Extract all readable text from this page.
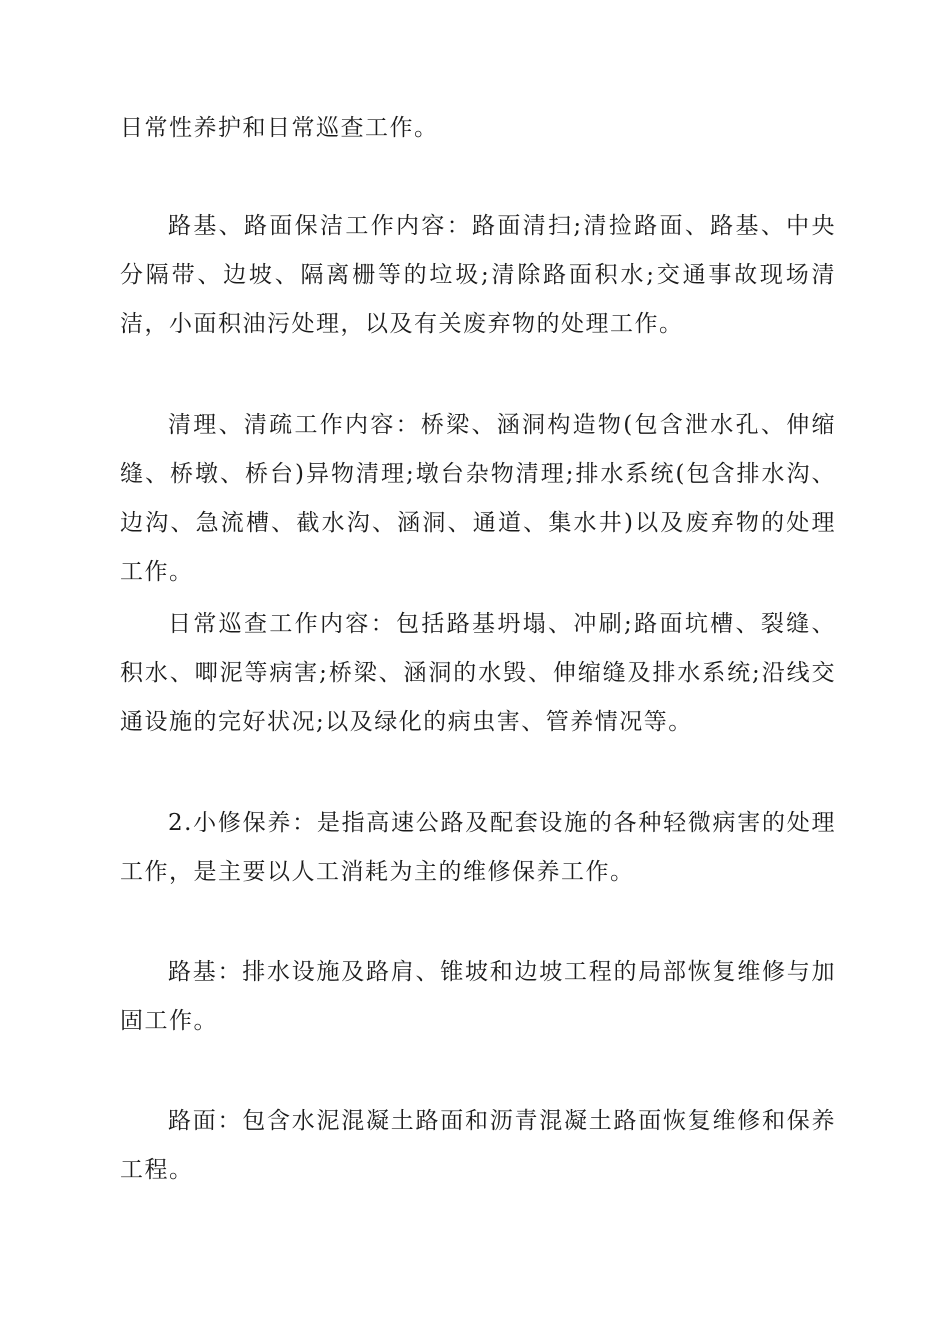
日常性养护和日常巡查工作。

路基、路面保洁工作内容：路面清扫;清捡路面、路基、中央分隔带、边坡、隔离栅等的垃圾;清除路面积水;交通事故现场清洁，小面积油污处理，以及有关废弃物的处理工作。

清理、清疏工作内容：桥梁、涵洞构造物(包含泄水孔、伸缩缝、桥墩、桥台)异物清理;墩台杂物清理;排水系统(包含排水沟、边沟、急流槽、截水沟、涵洞、通道、集水井)以及废弃物的处理工作。

日常巡查工作内容：包括路基坍塌、冲刷;路面坑槽、裂缝、积水、唧泥等病害;桥梁、涵洞的水毁、伸缩缝及排水系统;沿线交通设施的完好状况;以及绿化的病虫害、管养情况等。

2.小修保养：是指高速公路及配套设施的各种轻微病害的处理工作，是主要以人工消耗为主的维修保养工作。

路基：排水设施及路肩、锥坡和边坡工程的局部恢复维修与加固工作。

路面：包含水泥混凝土路面和沥青混凝土路面恢复维修和保养工程。
